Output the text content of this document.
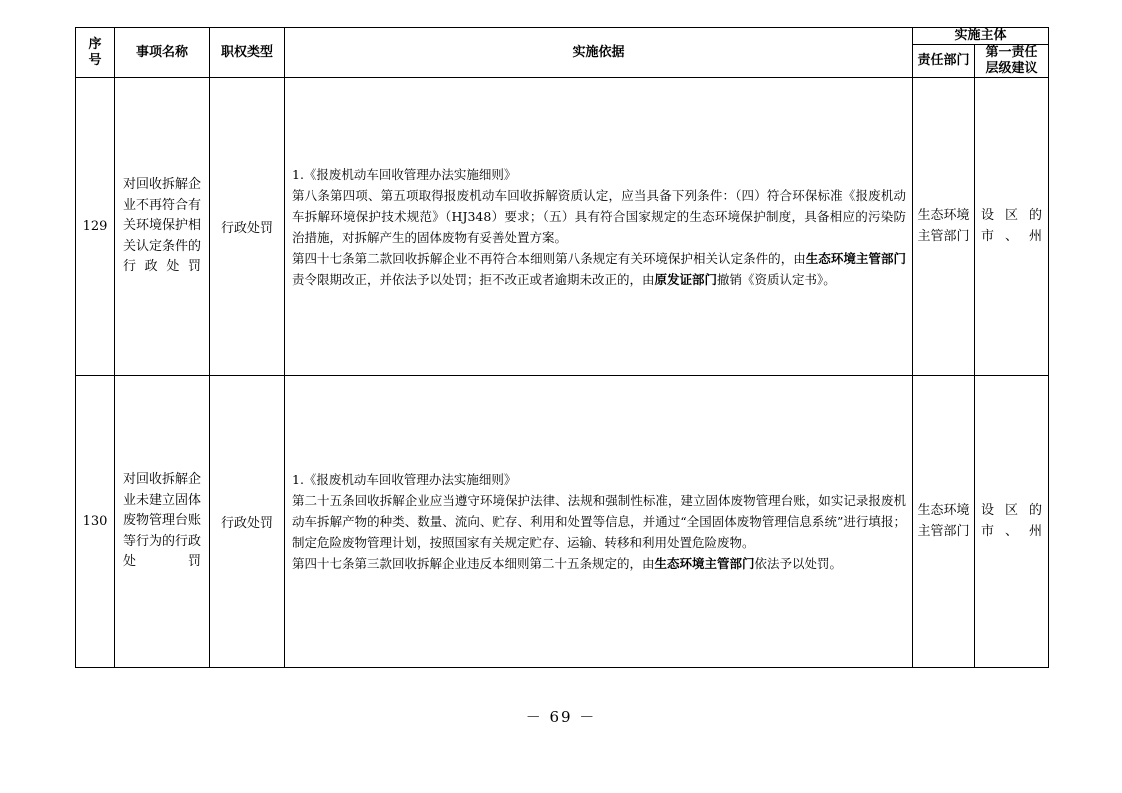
序号	事项名称	职权类型	实施依据	实施主体	
				责任部门	第一责任层级建议
129	对回收拆解企业不再符合有关环境保护相关认定条件的行政处罚	行政处罚	1.《报废机动车回收管理办法实施细则》

第八条第四项、第五项取得报废机动车回收拆解资质认定，应当具备下列条件：（四）符合环保标准《报废机动车拆解环境保护技术规范》（HJ348）要求；（五）具有符合国家规定的生态环境保护制度，具备相应的污染防治措施，对拆解产生的固体废物有妥善处置方案。

第四十七条第二款回收拆解企业不再符合本细则第八条规定有关环境保护相关认定条件的，由生态环境主管部门责令限期改正，并依法予以处罚；拒不改正或者逾期未改正的，由原发证部门撤销《资质认定书》。	生态环境主管部门	设区的市、州
130	对回收拆解企业未建立固体废物管理台账等行为的行政处罚	行政处罚	1.《报废机动车回收管理办法实施细则》

第二十五条回收拆解企业应当遵守环境保护法律、法规和强制性标准，建立固体废物管理台账，如实记录报废机动车拆解产物的种类、数量、流向、贮存、利用和处置等信息，并通过“全国固体废物管理信息系统”进行填报；制定危险废物管理计划，按照国家有关规定贮存、运输、转移和利用处置危险废物。

第四十七条第三款回收拆解企业违反本细则第二十五条规定的，由生态环境主管部门依法予以处罚。	生态环境主管部门	设区的市、州
－ 69 －
